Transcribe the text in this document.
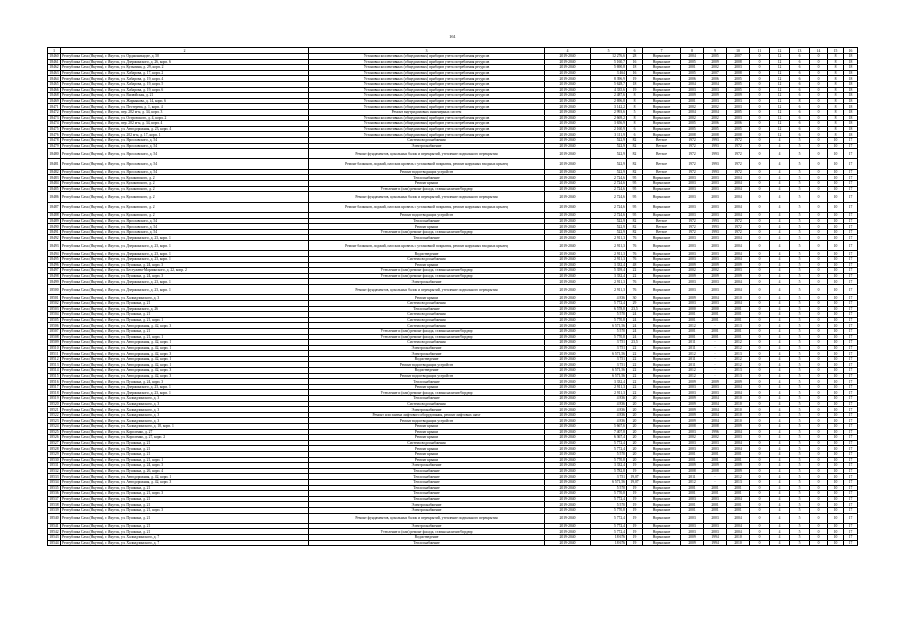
161
1	2	3	4	5	6	7	8	9	10	11	12	13	14	15	16
18460	Республика Саха (Якутия), г. Якутск, ул. Орджоникидзе, д. 50	Установка коллективных (общедомовых) приборов учета потребления ресурсов	2019-2040	12 276,6	28	Нормалное	2004	2005	2007	0	12	6	0	8	18
18461	Республика Саха (Якутия), г. Якутск, ул. Дзержинского, д. 26, корп. 6	Установка коллективных (общедомовых) приборов учета потребления ресурсов	2019-2040	5 160,7	16	Нормалное	2005	2009	2008	0	12	6	0	8	18
18462	Республика Саха (Якутия), г. Якутск, ул. Кузьмина, д. 29, корп. 2	Установка коллективных (общедомовых) приборов учета потребления ресурсов	2019-2040	5 690,8	18	Нормалное	2001	2002	2003	0	12	6	0	8	18
18463	Республика Саха (Якутия), г. Якутск, ул. Хабарова, д. 17, корп. 2	Установка коллективных (общедомовых) приборов учета потребления ресурсов	2019-2040	3 464	16	Нормалное	2005	2007	2008	0	12	6	0	8	18
18464	Республика Саха (Якутия), г. Якутск, ул. Хабарова, д. 19, корп. 4	Установка коллективных (общедомовых) приборов учета потребления ресурсов	2019-2040	8 396,9	19	Нормалное	2006	2006	2005	0	12	6	0	8	18
18465	Республика Саха (Якутия), г. Якутск, ул. Хабарова, д. 19, корп. 5	Установка коллективных (общедомовых) приборов учета потребления ресурсов	2019-2040	5 628,7	18	Нормалное	2004	2004	2005	0	12	6	0	8	18
18466	Республика Саха (Якутия), г. Якутск, ул. Хабарова, д. 19, корп. 6	Установка коллективных (общедомовых) приборов учета потребления ресурсов	2019-2040	4 335,6	19	Нормалное	2003	2003	2005	0	12	6	0	8	18
18468	Республика Саха (Якутия), г. Якутск, ул. Вилюйская, д. 21	Установка коллективных (общедомовых) приборов учета потребления ресурсов	2019-2040	2 487,6	8	Нормалное	2009	2009	2009	0	12	6	0	8	18
18469	Республика Саха (Якутия), г. Якутск, ул. Жирнякова, д. 14, корп. 6	Установка коллективных (общедомовых) приборов учета потребления ресурсов	2019-2040	2 696,8	8	Нормалное	2001	2003	2003	0	12	8	0	8	18
18471	Республика Саха (Якутия), г. Якутск, ул. Пестерева, д. 1, корп. 4	Установка коллективных (общедомовых) приборов учета потребления ресурсов	2019-2040	3 142,2	8	Нормалное	2002	2002	2003	0	12	6	0	8	18
18472	Республика Саха (Якутия), г. Якутск, пер. 202 м-н, д. 34, корп. 3	Ремонт внутридомовых инженерных систем	2019-2040	2 993,6	5	Нормалное	2004	2004	2005	0	12	6	0	8	18
18473	Республика Саха (Якутия), г. Якутск, ул. Островского, д. 4, корп. 2	Установка коллективных (общедомовых) приборов учета потребления ресурсов	2019-2040	2 669,2	8	Нормалное	2002	2002	2003	0	12	6	0	8	18
18474	Республика Саха (Якутия), г. Якутск, пер. 202 м-н, д. 34, корп. 4	Установка коллективных (общедомовых) приборов учета потребления ресурсов	2019-2040	3 656,9	8	Нормалное	2005	2006	2006	0	12	6	0	8	18
18475	Республика Саха (Якутия), г. Якутск, ул. Автодорожная, д. 23, корп. 4	Установка коллективных (общедомовых) приборов учета потребления ресурсов	2019-2040	2 160,9	6	Нормалное	2005	2005	2005	0	12	6	0	8	18
18476	Республика Саха (Якутия), г. Якутск, ул. 202 м-н, д. 17, корп. 1	Установка коллективных (общедомовых) приборов учета потребления ресурсов	2019-2040	3 111,9	6	Нормалное	2008	2008	2008	0	12	6	0	8	18
18478	Республика Саха (Якутия), г. Якутск, ул. Ярославского, д. 54	Система водоснабжения	2019-2040	522,9	82	Ветхое	1972	1993	1972	0	4	5	0	10	17
18479	Республика Саха (Якутия), г. Якутск, ул. Ярославского, д. 54	Электроснабжение	2019-2040	522,9	82	Ветхое	1972	1993	1972	0	4	5	0	10	17
18480	Республика Саха (Якутия), г. Якутск, ул. Ярославского, д. 54	Ремонт фундаментов, цокольных балок и перекрытий, утепление подвального перекрытия	2019-2040	522,9	82	Ветхое	1972	1993	1972	0	4	5	0	10	17
18481	Республика Саха (Якутия), г. Якутск, ул. Ярославского, д. 54	Ремонт балконов, лоджий, плоских кровель с установкой покрытия, ремонт наружных входных крылец	2019-2040	522,9	82	Ветхое	1972	1993	1972	0	4	5	0	10	17
18482	Республика Саха (Якутия), г. Якутск, ул. Ярославского, д. 54	Ремонт водоотводящих устройств	2019-2040	522,9	82	Ветхое	1972	1993	1972	0	4	5	0	10	17
18483	Республика Саха (Якутия), г. Якутск, ул. Кулаковского, д. 2	Теплоснабжение	2019-2040	2 724,6	95	Нормалное	2003	2003	2004	0	4	5	0	10	17
18484	Республика Саха (Якутия), г. Якутск, ул. Кулаковского, д. 2	Ремонт крыши	2019-2040	2 724,6	95	Нормалное	2003	2003	2004	0	4	5	0	10	17
18485	Республика Саха (Якутия), г. Якутск, ул. Кулаковского, д. 2	Утепление и (или) ремонт фасада, ставня наличие/бордюр	2019-2040	2 724,6	95	Нормалное	2003	2003	2004	0	4	5	0	10	17
18486	Республика Саха (Якутия), г. Якутск, ул. Кулаковского, д. 2	Ремонт фундаментов, цокольных балок и перекрытий, утепление подвального перекрытия	2019-2040	2 724,6	95	Нормалное	2003	2003	2004	0	4	5	0	10	17
18487	Республика Саха (Якутия), г. Якутск, ул. Кулаковского, д. 2	Ремонт балконов, лоджий, плоских кровель с установкой покрытия, ремонт наружных входных крылец	2019-2040	2 724,6	95	Нормалное	2003	2003	2004	0	4	5	0	10	17
18488	Республика Саха (Якутия), г. Якутск, ул. Кулаковского, д. 2	Ремонт водоотводящих устройств	2019-2040	2 724,6	95	Нормалное	2003	2003	2004	0	4	5	0	10	17
18489	Республика Саха (Якутия), г. Якутск, ул. Ярославского, д. 54	Теплоснабжение	2019-2040	522,9	82	Ветхое	1972	1993	1972	0	4	5	0	10	17
18490	Республика Саха (Якутия), г. Якутск, ул. Ярославского, д. 54	Ремонт крыши	2019-2040	522,9	82	Ветхое	1972	1993	1972	0	4	5	0	10	17
18491	Республика Саха (Якутия), г. Якутск, ул. Ярославского, д. 54	Утепление и (или) ремонт фасада, ставня наличие/бордюр	2019-2040	522,9	82	Ветхое	1972	1993	1972	0	4	5	0	10	17
18492	Республика Саха (Якутия), г. Якутск, ул. Дзержинского, д. 23, корп. 1	Теплоснабжение	2019-2040	2 911,3	76	Нормалное	2003	2003	2004	0	4	5	0	10	17
18493	Республика Саха (Якутия), г. Якутск, ул. Дзержинского, д. 23, корп. 1	Ремонт балконов, лоджий, плоских кровель с установкой покрытия, ремонт наружных входных крылец	2019-2040	2 911,3	76	Нормалное	2003	2003	2004	0	4	5	0	10	17
18494	Республика Саха (Якутия), г. Якутск, ул. Дзержинского, д. 23, корп. 1	Водоотведение	2019-2040	2 911,3	76	Нормалное	2003	2003	2004	0	4	5	0	10	17
18495	Республика Саха (Якутия), г. Якутск, ул. Дзержинского, д. 23, корп. 1	Система водоснабжения	2019-2040	2 911,3	76	Нормалное	2003	2003	2004	0	4	5	0	10	17
18496	Республика Саха (Якутия), г. Якутск, ул. Пушкина, д. 24, корп. 3	Ремонт крыши	2019-2040	3 332,4	48	Нормалное	2009	2009	2009	0	4	5	0	10	17
18497	Республика Саха (Якутия), г. Якутск, ул. Бестужева-Марлинского, д. 22, копр. 2	Утепление и (или) ремонт фасада, ставня наличие/бордюр	2019-2040	5 359,4	22	Нормалное	2002	2002	2003	0	4	5	0	10	17
18498	Республика Саха (Якутия), г. Якутск, ул. Пушкина, д. 24, корп. 3	Утепление и (или) ремонт фасада, ставня наличие/бордюр	2019-2040	3 332,4	22	Нормалное	2009	2009	2009	0	4	5	0	10	17
18499	Республика Саха (Якутия), г. Якутск, ул. Дзержинского, д. 23, корп. 1	Электроснабжение	2019-2040	2 911,3	76	Нормалное	2003	2003	2004	0	4	5	0	10	17
18500	Республика Саха (Якутия), г. Якутск, ул. Дзержинского, д. 23, корп. 1	Ремонт фундаментов, цокольных балок и перекрытий, утепление подвального перекрытия	2019-2040	2 911,3	76	Нормалное	2003	2003	2004	0	4	5	0	10	17
18501	Республика Саха (Якутия), г. Якутск, ул. Халиадзинского, д. 3	Ремонт крыши	2019-2040	4 836	30	Нормалное	2009	2004	2010	0	4	5	0	10	17
18502	Республика Саха (Якутия), г. Якутск, ул. Пушкина, д. 21	Система водоснабжения	2019-2040	5 772,4	29	Нормалное	2003	2003	2004	0	4	5	0	10	17
18503	Республика Саха (Якутия), г. Якутск, ул. Дзержинского, д. 26	Теплоснабжение	2019-2040	6 578,8	23,5	Нормалное	2000	2000	2001	0	4	5	0	10	17
18504	Республика Саха (Якутия), г. Якутск, ул. Пушкина, д. 21	Система водоснабжения	2019-2040	5 570	24	Нормалное	2001	2001	2001	0	4	5	0	10	17
18505	Республика Саха (Якутия), г. Якутск, ул. Пушкина, д. 21, корп. 1	Система водоснабжения	2019-2040	5 770,8	24	Нормалное	2001	2001	2001	0	4	5	0	10	17
18506	Республика Саха (Якутия), г. Якутск, ул. Автодорожная, д. 42, корп. 3	Система водоснабжения	2019-2040	6 571,56	24	Нормалное	2012	-	2013	0	4	5	0	10	17
18507	Республика Саха (Якутия), г. Якутск, ул. Пушкина, д. 21	Утепление и (или) ремонт фасада, ставня наличие/бордюр	2019-2040	5 570	24	Нормалное	2001	2001	2001	0	4	5	0	10	17
18508	Республика Саха (Якутия), г. Якутск, ул. Пушкина, д. 21, корп. 1	Утепление и (или) ремонт фасада, ставня наличие/бордюр	2019-2040	5 770,8	24	Нормалное	2001	2001	2001	0	4	5	0	10	17
18509	Республика Саха (Якутия), г. Якутск, ул. Автодорожная, д. 42, корп. 1	Система водоснабжения	2019-2040	3 751	23,5	Нормалное	2011	-	2012	0	4	5	0	10	17
18510	Республика Саха (Якутия), г. Якутск, ул. Автодорожная, д. 42, корп. 1	Электроснабжение	2019-2040	3 751	22	Нормалное	2011	-	2012	0	4	5	0	10	17
18511	Республика Саха (Якутия), г. Якутск, ул. Автодорожная, д. 42, корп. 3	Электроснабжение	2019-2040	6 571,56	22	Нормалное	2012	-	2013	0	4	5	0	10	17
18512	Республика Саха (Якутия), г. Якутск, ул. Автодорожная, д. 42, корп. 1	Водоотведение	2019-2040	3 751	22	Нормалное	2011	-	2012	0	4	5	0	10	17
18513	Республика Саха (Якутия), г. Якутск, ул. Автодорожная, д. 42, корп. 1	Ремонт водоотводящих устройств	2019-2040	3 751	22	Нормалное	2011	-	2012	0	4	5	0	10	17
18514	Республика Саха (Якутия), г. Якутск, ул. Автодорожная, д. 42, корп. 3	Водоотведение	2019-2040	6 571,56	22	Нормалное	2012	-	2013	0	4	5	0	10	17
18515	Республика Саха (Якутия), г. Якутск, ул. Автодорожная, д. 42, корп. 3	Ремонт водоотводящих устройств	2019-2040	6 571,56	22	Нормалное	2012	-	2013	0	4	5	0	10	17
18516	Республика Саха (Якутия), г. Якутск, ул. Пушкина, д. 24, корп. 3	Теплоснабжение	2019-2040	3 332,4	22	Нормалное	2009	2009	2009	0	4	5	0	10	17
18517	Республика Саха (Якутия), г. Якутск, ул. Дзержинского, д. 23, корп. 1	Ремонт крыши	2019-2040	2 911,3	22	Нормалное	2003	2003	2004	0	4	5	0	10	17
18518	Республика Саха (Якутия), г. Якутск, ул. Дзержинского, д. 23, корп. 1	Утепление и (или) ремонт фасада, ставня наличие/бордюр	2019-2040	2 911,3	22	Нормалное	2003	2003	2004	0	4	5	0	10	17
18519	Республика Саха (Якутия), г. Якутск, ул. Халиадзинского, д. 3	Теплоснабжение	2019-2040	4 836	20	Нормалное	2009	2004	2010	0	4	5	0	10	17
18520	Республика Саха (Якутия), г. Якутск, ул. Халиадзинского, д. 3	Система водоснабжения	2019-2040	4 836	20	Нормалное	2009	2004	2010	0	4	5	0	10	17
18521	Республика Саха (Якутия), г. Якутск, ул. Халиадзинского, д. 3	Электроснабжение	2019-2040	4 836	20	Нормалное	2009	2004	2010	0	4	5	0	10	17
18522	Республика Саха (Якутия), г. Якутск, ул. Халиадзинского, д. 3	Ремонт или замена лифтового оборудования, ремонт лифтовых шахт	2019-2040	4 836	20	Нормалное	2009	2004	2010	0	4	5	0	10	17
18523	Республика Саха (Якутия), г. Якутск, ул. Халиадзинского, д. 3	Ремонт водоотводящих устройств	2019-2040	4 836	20	Нормалное	2009	2004	2010	0	4	5	0	10	17
18524	Республика Саха (Якутия), г. Якутск, ул. Халиадзинского, д. 10, корп. 1	Ремонт крыши	2019-2040	5 667,6	20	Нормалное	2008	2008	2009	0	4	5	0	10	17
18525	Республика Саха (Якутия), г. Якутск, ул. Короленко, д. 27	Ремонт крыши	2019-2040	7 407,8	20	Нормалное	2003	1996	2004	0	4	5	0	10	17
18526	Республика Саха (Якутия), г. Якутск, ул. Короленко, д. 27, корп. 2	Ремонт крыши	2019-2040	6 367,4	20	Нормалное	2002	2002	2003	0	4	5	0	10	17
18527	Республика Саха (Якутия), г. Якутск, ул. Пушкина, д. 21	Система водоснабжения	2019-2040	5 772,4	20	Нормалное	2003	2003	2004	0	4	5	0	10	17
18528	Республика Саха (Якутия), г. Якутск, ул. Пушкина, д. 21	Ремонт крыши	2019-2040	5 772,4	20	Нормалное	2003	2003	2004	0	4	5	0	10	17
18529	Республика Саха (Якутия), г. Якутск, ул. Пушкина, д. 21	Ремонт крыши	2019-2040	5 570	20	Нормалное	2001	2001	2001	0	4	5	0	10	17
18530	Республика Саха (Якутия), г. Якутск, ул. Пушкина, д. 21, корп. 1	Ремонт крыши	2019-2040	5 770,8	20	Нормалное	2001	2001	2001	0	4	5	0	10	17
18531	Республика Саха (Якутия), г. Якутск, ул. Пушкина, д. 24, корп. 3	Электроснабжение	2019-2040	3 332,4	19	Нормалное	2009	2009	2009	0	4	5	0	10	17
18532	Республика Саха (Якутия), г. Якутск, ул. Пушкина, д. 26, корп. 4	Теплоснабжение	2019-2040	5 782,8	19	Нормалное	2008	2008	2009	0	4	5	0	10	17
18533	Республика Саха (Якутия), г. Якутск, ул. Автодорожная, д. 42, корп. 1	Теплоснабжение	2019-2040	3 751	19,07	Нормалное	2011	-	2012	0	4	5	0	10	17
18534	Республика Саха (Якутия), г. Якутск, ул. Автодорожная, д. 42, корп. 3	Теплоснабжение	2019-2040	6 571,56	19,07	Нормалное	2012	-	2013	0	4	5	0	10	17
18535	Республика Саха (Якутия), г. Якутск, ул. Пушкина, д. 21	Теплоснабжение	2019-2040	5 570	19	Нормалное	2001	2001	2001	0	4	5	0	10	17
18536	Республика Саха (Якутия), г. Якутск, ул. Пушкина, д. 21, корп. 3	Теплоснабжение	2019-2040	5 770,8	19	Нормалное	2001	2001	2001	0	4	5	0	10	17
18537	Республика Саха (Якутия), г. Якутск, ул. Пушкина, д. 21	Теплоснабжение	2019-2040	5 772,4	19	Нормалное	2003	2003	2004	0	4	5	0	10	17
18538	Республика Саха (Якутия), г. Якутск, ул. Пушкина, д. 21	Электроснабжение	2019-2040	5 570	19	Нормалное	2001	2001	2001	0	4	5	0	10	17
18539	Республика Саха (Якутия), г. Якутск, ул. Пушкина, д. 21, корп. 3	Электроснабжение	2019-2040	5 770,8	19	Нормалное	2001	2001	2001	0	4	5	0	10	17
18540	Республика Саха (Якутия), г. Якутск, ул. Пушкина, д. 21	Ремонт фундаментов, цокольных балок и перекрытий, утепление подвального перекрытия	2019-2040	5 772,4	19	Нормалное	2003	2003	2004	0	4	5	0	10	17
18541	Республика Саха (Якутия), г. Якутск, ул. Пушкина, д. 21	Электроснабжение	2019-2040	5 772,4	19	Нормалное	2003	2003	2004	0	4	5	0	10	17
18542	Республика Саха (Якутия), г. Якутск, ул. Пушкина, д. 21	Утепление и (или) ремонт фасада, ставня наличие/бордюр	2019-2040	5 772,4	19	Нормалное	2003	2003	2004	0	4	5	0	10	17
18543	Республика Саха (Якутия), г. Якутск, ул. Халиадзинского, д. 7	Водоотведение	2019-2040	18 676	19	Нормалное	2009	1994	2010	0	4	5	0	10	17
18544	Республика Саха (Якутия), г. Якутск, ул. Халиадзинского, д. 7	Теплоснабжение	2019-2040	18 676	19	Нормалное	2009	1994	2010	0	4	5	0	10	17
